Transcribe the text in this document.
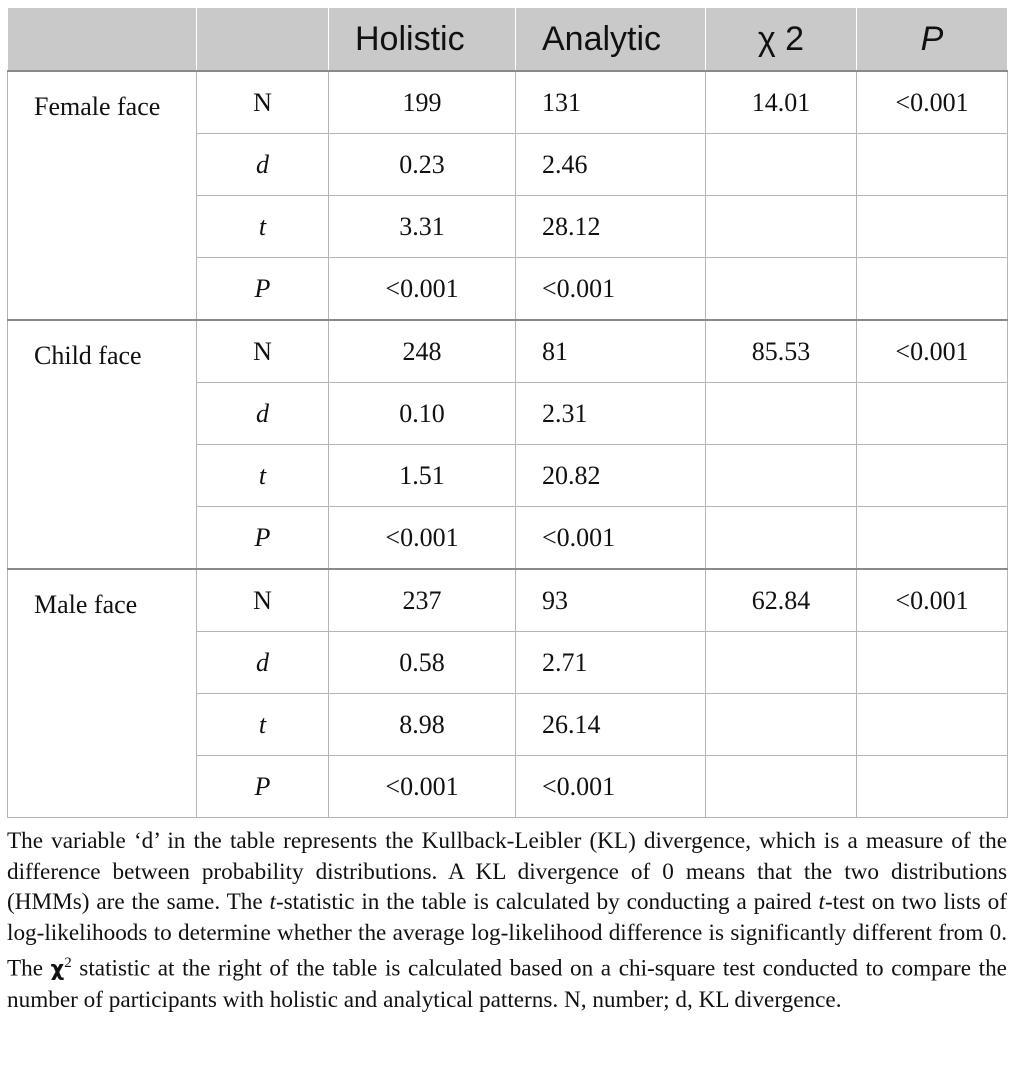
		Holistic	Analytic	χ 2	P
Female face	N	199	131	14.01	<0.001
	d	0.23	2.46		
	t	3.31	28.12		
	P	<0.001	<0.001		
Child face	N	248	81	85.53	<0.001
	d	0.10	2.31		
	t	1.51	20.82		
	P	<0.001	<0.001		
Male face	N	237	93	62.84	<0.001
	d	0.58	2.71		
	t	8.98	26.14		
	P	<0.001	<0.001		

The variable ‘d’ in the table represents the Kullback-Leibler (KL) divergence, which is a measure of the difference between probability distributions. A KL divergence of 0 means that the two distributions (HMMs) are the same. The t-statistic in the table is calculated by conducting a paired t-test on two lists of log-likelihoods to determine whether the average log-likelihood difference is significantly different from 0. The $\chi^2$ statistic at the right of the table is calculated based on a chi-square test conducted to compare the number of participants with holistic and analytical patterns. N, number; d, KL divergence.
